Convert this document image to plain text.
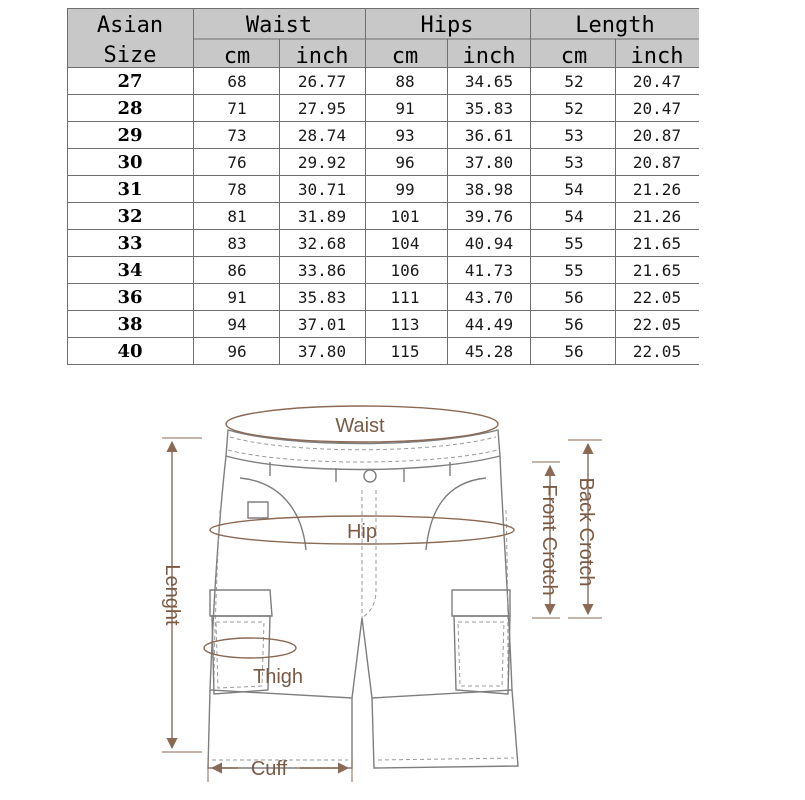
Asian
Size
Waist	Hips	Length
cm inch cm inch cm inch
27	68	26.77	88	34.65	52	20.47
28	71	27.95	91	35.83	52	20.47
29	73	28.74	93	36.61	53	20.87
30	76	29.92	96	37.80	53	20.87
31	78	30.71	99	38.98	54	21.26
32	81	31.89	101	39.76	54	21.26
33	83	32.68	104	40.94	55	21.65
34	86	33.86	106	41.73	55	21.65
36	91	35.83	111	43.70	56	22.05
38	94	37.01	113	44.49	56	22.05
40	96	37.80	115	45.28	56	22.05
Waist
Hip
Thigh
Cuff
Lenght	Front Crotch Back Crotch
